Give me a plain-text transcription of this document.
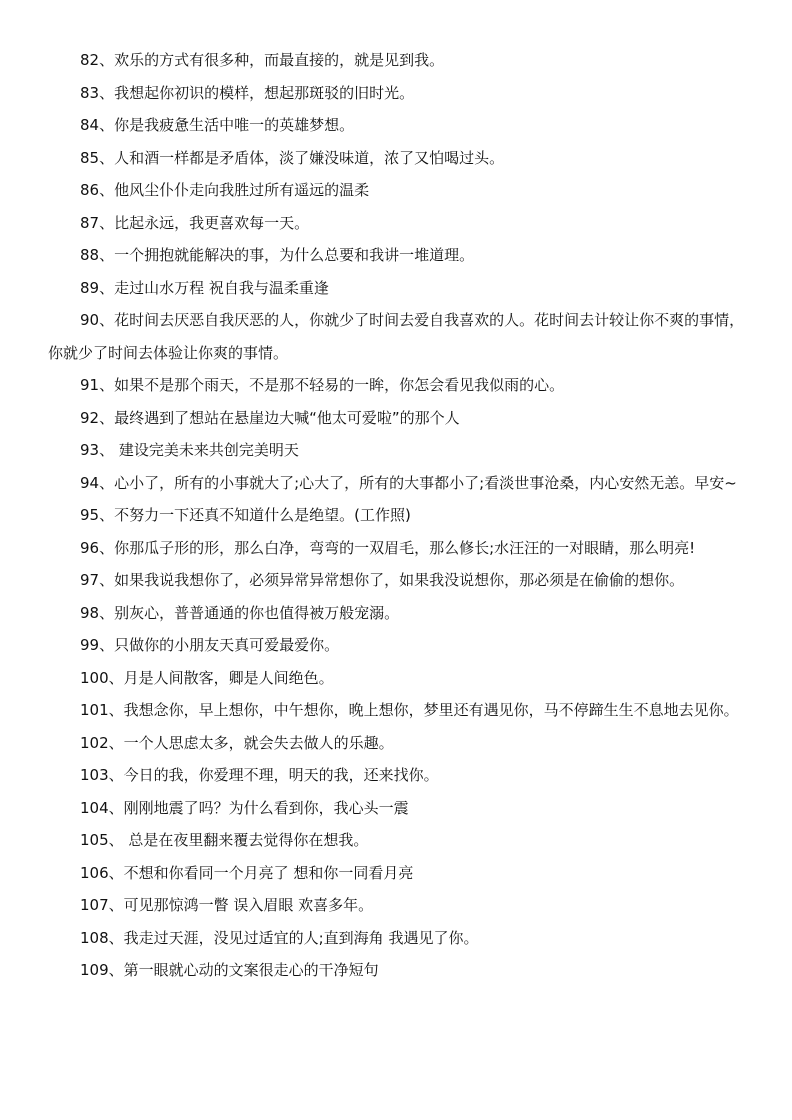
82、欢乐的方式有很多种，而最直接的，就是见到我。

83、我想起你初识的模样，想起那斑驳的旧时光。

84、你是我疲惫生活中唯一的英雄梦想。

85、人和酒一样都是矛盾体，淡了嫌没味道，浓了又怕喝过头。

86、他风尘仆仆走向我胜过所有遥远的温柔

87、比起永远，我更喜欢每一天。

88、一个拥抱就能解决的事，为什么总要和我讲一堆道理。

89、走过山水万程 祝自我与温柔重逢

90、花时间去厌恶自我厌恶的人，你就少了时间去爱自我喜欢的人。花时间去计较让你不爽的事情，你就少了时间去体验让你爽的事情。

91、如果不是那个雨天，不是那不轻易的一眸，你怎会看见我似雨的心。

92、最终遇到了想站在悬崖边大喊“他太可爱啦”的那个人

93、 建设完美未来共创完美明天

94、心小了，所有的小事就大了;心大了，所有的大事都小了;看淡世事沧桑，内心安然无恙。早安~

95、不努力一下还真不知道什么是绝望。(工作照)

96、你那瓜子形的形，那么白净，弯弯的一双眉毛，那么修长;水汪汪的一对眼睛，那么明亮!

97、如果我说我想你了，必须异常异常想你了，如果我没说想你，那必须是在偷偷的想你。

98、别灰心，普普通通的你也值得被万般宠溺。

99、只做你的小朋友天真可爱最爱你。

100、月是人间散客，卿是人间绝色。

101、我想念你，早上想你，中午想你，晚上想你，梦里还有遇见你，马不停蹄生生不息地去见你。

102、一个人思虑太多，就会失去做人的乐趣。

103、今日的我，你爱理不理，明天的我，还来找你。

104、刚刚地震了吗？为什么看到你，我心头一震

105、 总是在夜里翻来覆去觉得你在想我。

106、不想和你看同一个月亮了 想和你一同看月亮

107、可见那惊鸿一瞥 误入眉眼 欢喜多年。

108、我走过天涯，没见过适宜的人;直到海角 我遇见了你。

109、第一眼就心动的文案很走心的干净短句
